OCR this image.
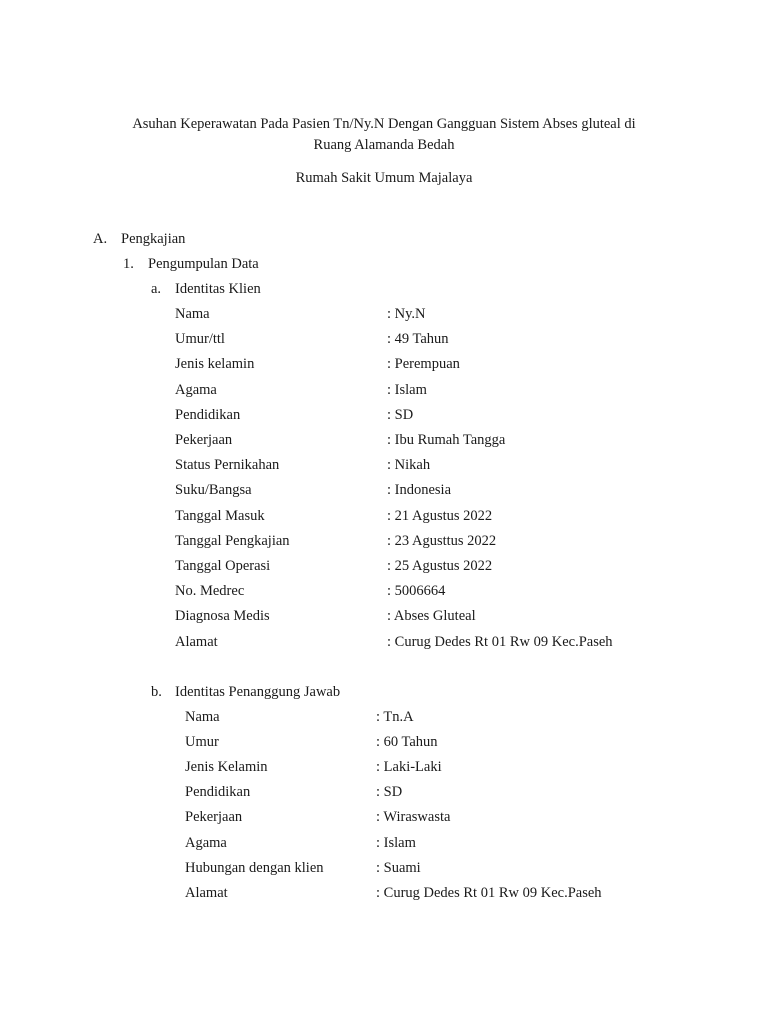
Asuhan Keperawatan Pada Pasien Tn/Ny.N Dengan Gangguan Sistem Abses gluteal di
Ruang Alamanda Bedah
Rumah Sakit Umum Majalaya
A. Pengkajian
1. Pengumpulan Data
a. Identitas Klien
Nama	: Ny.N
Umur/ttl	: 49 Tahun
Jenis kelamin	: Perempuan
Agama	: Islam
Pendidikan	: SD
Pekerjaan	: Ibu Rumah Tangga
Status Pernikahan	: Nikah
Suku/Bangsa	: Indonesia
Tanggal Masuk	: 21 Agustus 2022
Tanggal Pengkajian	: 23 Agusttus 2022
Tanggal Operasi	: 25 Agustus 2022
No. Medrec	: 5006664
Diagnosa Medis	: Abses Gluteal
Alamat	: Curug Dedes Rt 01 Rw 09 Kec.Paseh
b. Identitas Penanggung Jawab
Nama	: Tn.A
Umur	: 60 Tahun
Jenis Kelamin	: Laki-Laki
Pendidikan	: SD
Pekerjaan	: Wiraswasta
Agama	: Islam
Hubungan dengan klien	: Suami
Alamat	: Curug Dedes Rt 01 Rw 09 Kec.Paseh
